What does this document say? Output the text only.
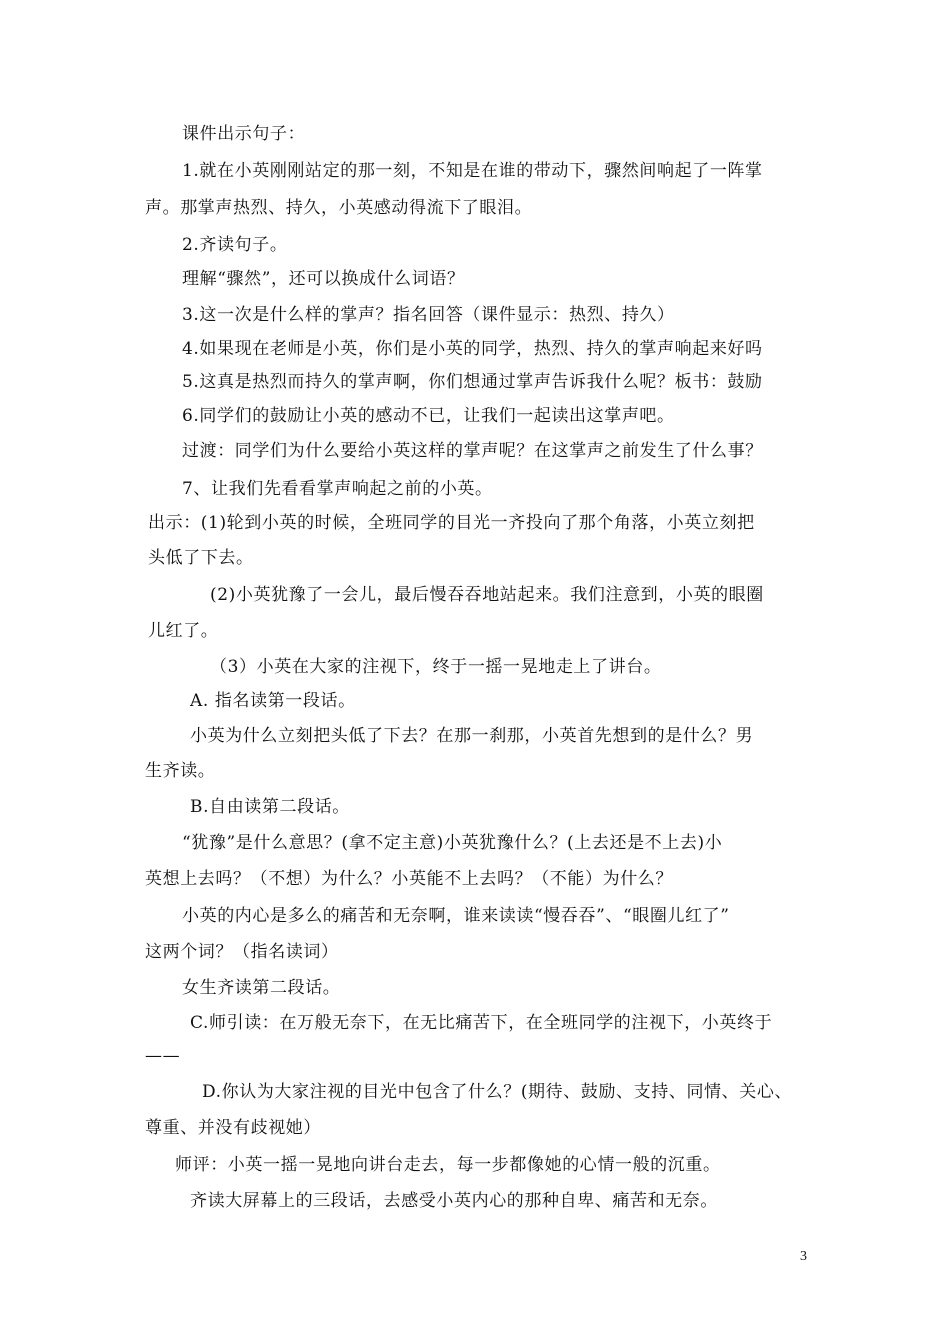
课件出示句子：
1.就在小英刚刚站定的那一刻，不知是在谁的带动下，骤然间响起了一阵掌
声。那掌声热烈、持久，小英感动得流下了眼泪。
2.齐读句子。
理解“骤然”，还可以换成什么词语？
3.这一次是什么样的掌声？指名回答（课件显示：热烈、持久）
4.如果现在老师是小英，你们是小英的同学，热烈、持久的掌声响起来好吗
5.这真是热烈而持久的掌声啊，你们想通过掌声告诉我什么呢？板书：鼓励
6.同学们的鼓励让小英的感动不已，让我们一起读出这掌声吧。
过渡：同学们为什么要给小英这样的掌声呢？在这掌声之前发生了什么事？
7、让我们先看看掌声响起之前的小英。
出示：(1)轮到小英的时候，全班同学的目光一齐投向了那个角落，小英立刻把
头低了下去。
(2)小英犹豫了一会儿，最后慢吞吞地站起来。我们注意到，小英的眼圈
儿红了。
（3）小英在大家的注视下，终于一摇一晃地走上了讲台。
A. 指名读第一段话。
小英为什么立刻把头低了下去？在那一刹那，小英首先想到的是什么？男
生齐读。
B.自由读第二段话。
“犹豫”是什么意思？(拿不定主意)小英犹豫什么？(上去还是不上去)小
英想上去吗？（不想）为什么？小英能不上去吗？（不能）为什么？
小英的内心是多么的痛苦和无奈啊，谁来读读“慢吞吞”、“眼圈儿红了”
这两个词？（指名读词）
女生齐读第二段话。
C.师引读：在万般无奈下，在无比痛苦下，在全班同学的注视下，小英终于
——
D.你认为大家注视的目光中包含了什么？(期待、鼓励、支持、同情、关心、
尊重、并没有歧视她）
师评：小英一摇一晃地向讲台走去，每一步都像她的心情一般的沉重。
齐读大屏幕上的三段话，去感受小英内心的那种自卑、痛苦和无奈。
3
